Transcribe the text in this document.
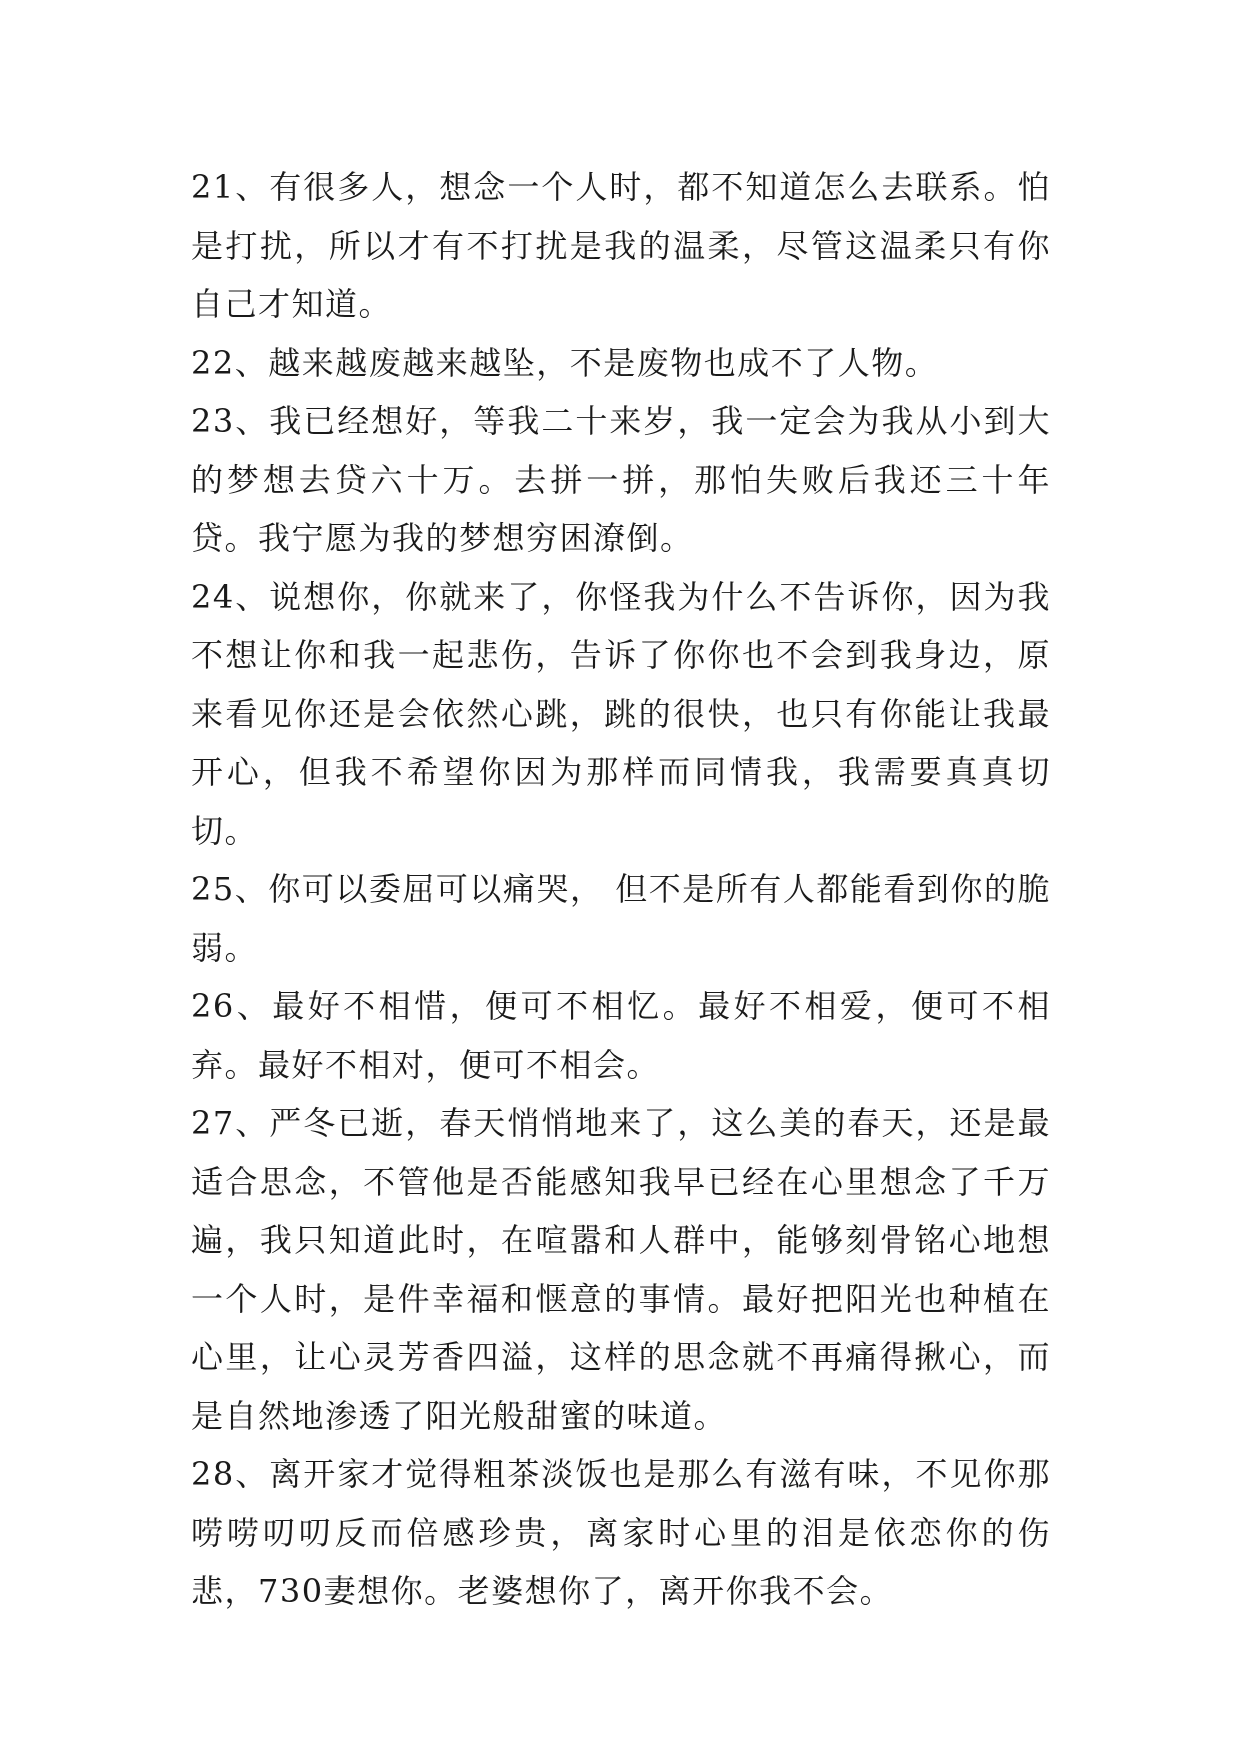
21、有很多人，想念一个人时，都不知道怎么去联系。怕是打扰，所以才有不打扰是我的温柔，尽管这温柔只有你自己才知道。

22、越来越废越来越坠，不是废物也成不了人物。

23、我已经想好，等我二十来岁，我一定会为我从小到大的梦想去贷六十万。去拼一拼，那怕失败后我还三十年贷。我宁愿为我的梦想穷困潦倒。

24、说想你，你就来了，你怪我为什么不告诉你，因为我不想让你和我一起悲伤，告诉了你你也不会到我身边，原来看见你还是会依然心跳，跳的很快，也只有你能让我最开心，但我不希望你因为那样而同情我，我需要真真切切。

25、你可以委屈可以痛哭， 但不是所有人都能看到你的脆弱。

26、最好不相惜，便可不相忆。最好不相爱，便可不相弃。最好不相对，便可不相会。

27、严冬已逝，春天悄悄地来了，这么美的春天，还是最适合思念，不管他是否能感知我早已经在心里想念了千万遍，我只知道此时，在喧嚣和人群中，能够刻骨铭心地想一个人时，是件幸福和惬意的事情。最好把阳光也种植在心里，让心灵芳香四溢，这样的思念就不再痛得揪心，而是自然地渗透了阳光般甜蜜的味道。

28、离开家才觉得粗茶淡饭也是那么有滋有味，不见你那唠唠叨叨反而倍感珍贵，离家时心里的泪是依恋你的伤悲，730妻想你。老婆想你了，离开你我不会。
